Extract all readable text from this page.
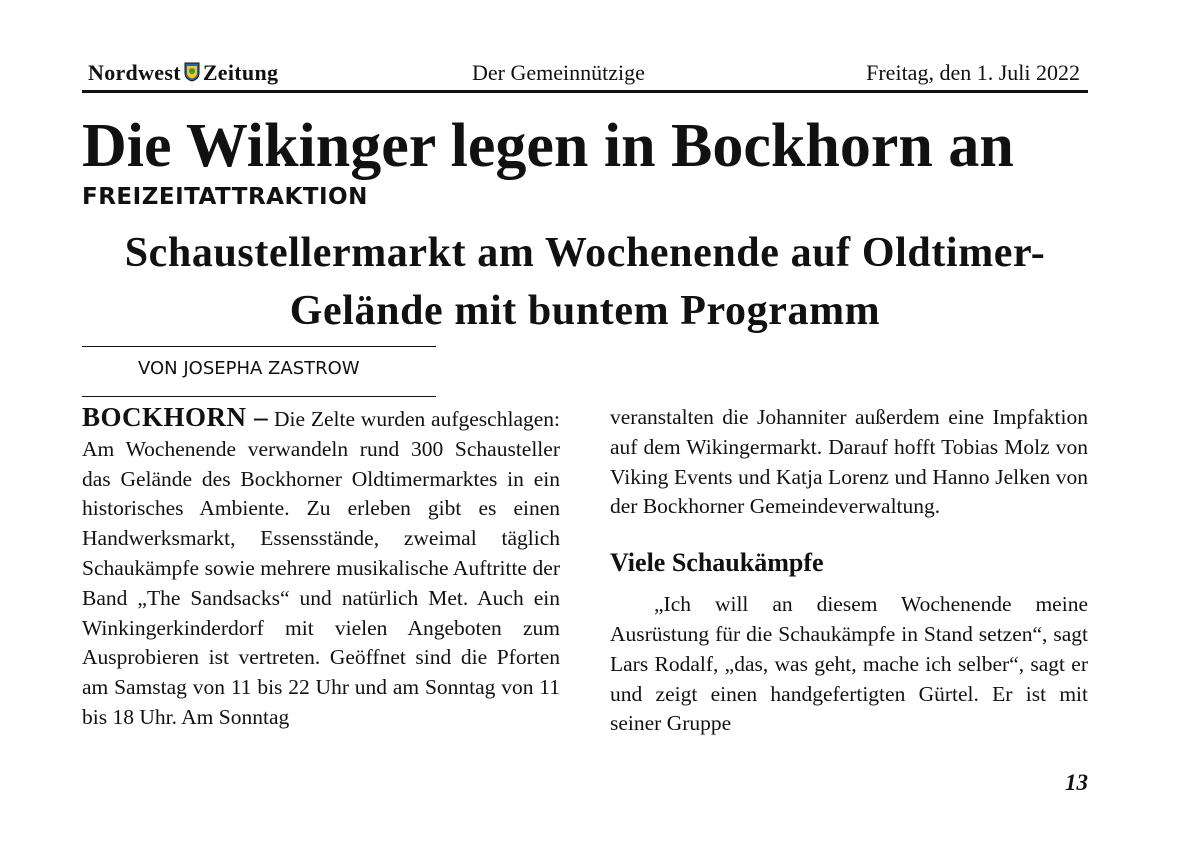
Nordwest Zeitung	Der Gemeinnützige	Freitag, den 1. Juli 2022
Die Wikinger legen in Bockhorn an
FREIZEITATTRAKTION
Schaustellermarkt am Wochenende auf Oldtimer-Gelände mit buntem Programm
VON JOSEPHA ZASTROW

BOCKHORN – Die Zelte wurden aufgeschlagen: Am Wochenende verwandeln rund 300 Schausteller das Gelände des Bockhorner Oldtimermarktes in ein historisches Ambiente. Zu erleben gibt es einen Handwerksmarkt, Essensstände, zweimal täglich Schaukämpfe sowie mehrere musikalische Auftritte der Band „The Sandsacks“ und natürlich Met. Auch ein Winkingerkinderdorf mit vielen Angeboten zum Ausprobieren ist vertreten. Geöffnet sind die Pforten am Samstag von 11 bis 22 Uhr und am Sonntag von 11 bis 18 Uhr. Am Sonntag

veranstalten die Johanniter außerdem eine Impfaktion auf dem Wikingermarkt. Darauf hofft Tobias Molz von Viking Events und Katja Lorenz und Hanno Jelken von der Bockhorner Gemeindeverwaltung.

Viele Schaukämpfe

„Ich will an diesem Wochenende meine Ausrüstung für die Schaukämpfe in Stand setzen“, sagt Lars Rodalf, „das, was geht, mache ich selber“, sagt er und zeigt einen handgefertigten Gürtel. Er ist mit seiner Gruppe

13
